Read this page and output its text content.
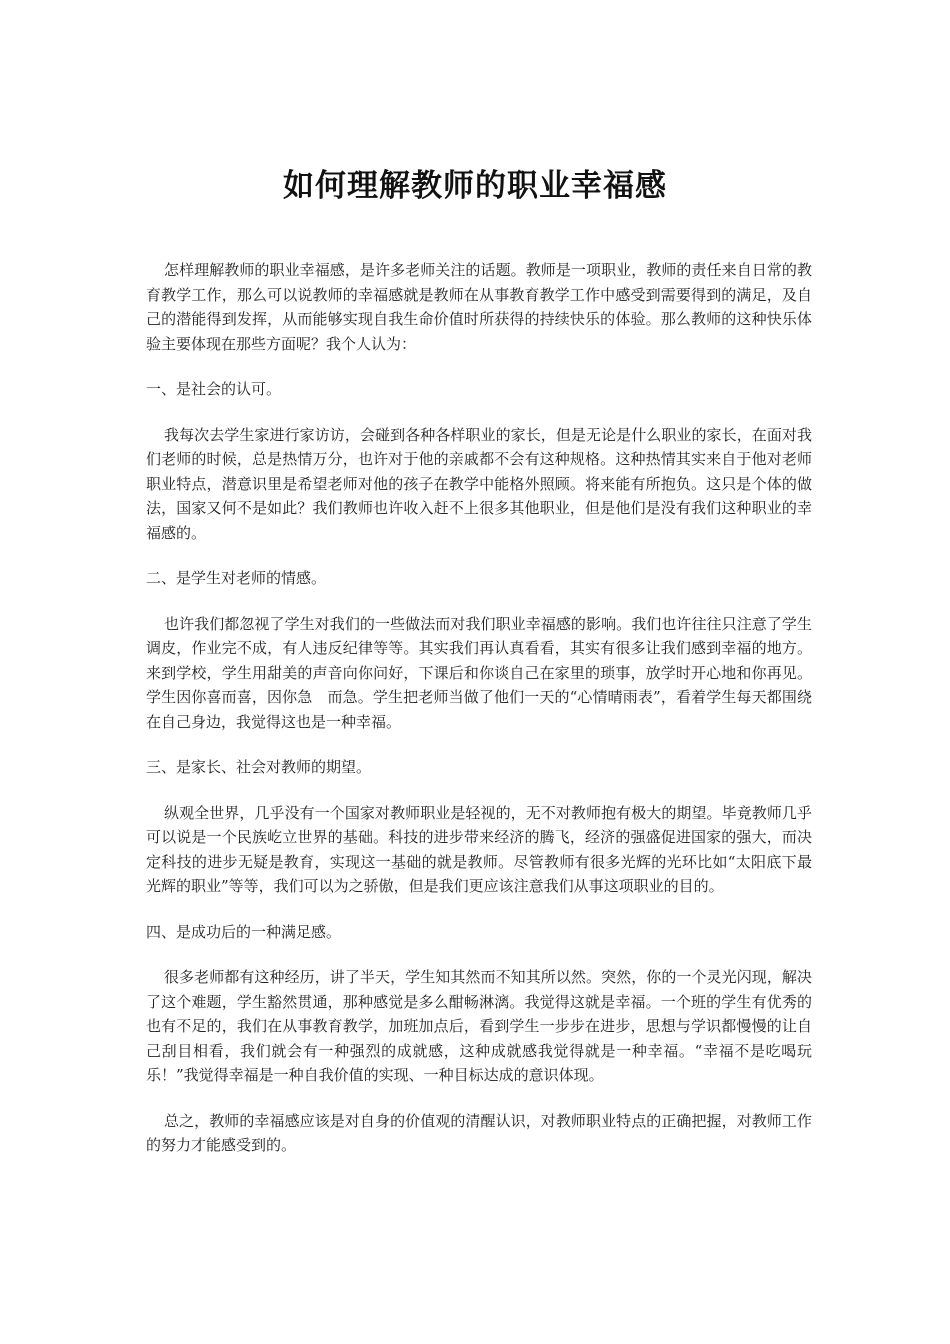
如何理解教师的职业幸福感

怎样理解教师的职业幸福感，是许多老师关注的话题。教师是一项职业，教师的责任来自日常的教育教学工作，那么可以说教师的幸福感就是教师在从事教育教学工作中感受到需要得到的满足，及自己的潜能得到发挥，从而能够实现自我生命价值时所获得的持续快乐的体验。那么教师的这种快乐体验主要体现在那些方面呢？我个人认为：

一、是社会的认可。

我每次去学生家进行家访访，会碰到各种各样职业的家长，但是无论是什么职业的家长，在面对我们老师的时候，总是热情万分，也许对于他的亲戚都不会有这种规格。这种热情其实来自于他对老师职业特点，潜意识里是希望老师对他的孩子在教学中能格外照顾。将来能有所抱负。这只是个体的做法，国家又何不是如此？我们教师也许收入赶不上很多其他职业，但是他们是没有我们这种职业的幸福感的。

二、是学生对老师的情感。

也许我们都忽视了学生对我们的一些做法而对我们职业幸福感的影响。我们也许往往只注意了学生调皮，作业完不成，有人违反纪律等等。其实我们再认真看看，其实有很多让我们感到幸福的地方。来到学校，学生用甜美的声音向你问好，下课后和你谈自己在家里的琐事，放学时开心地和你再见。学生因你喜而喜，因你急　而急。学生把老师当做了他们一天的“心情晴雨表”，看着学生每天都围绕在自己身边，我觉得这也是一种幸福。

三、是家长、社会对教师的期望。

纵观全世界，几乎没有一个国家对教师职业是轻视的，无不对教师抱有极大的期望。毕竟教师几乎可以说是一个民族屹立世界的基础。科技的进步带来经济的腾飞，经济的强盛促进国家的强大，而决定科技的进步无疑是教育，实现这一基础的就是教师。尽管教师有很多光辉的光环比如“太阳底下最光辉的职业”等等，我们可以为之骄傲，但是我们更应该注意我们从事这项职业的目的。

四、是成功后的一种满足感。

很多老师都有这种经历，讲了半天，学生知其然而不知其所以然。突然，你的一个灵光闪现，解决了这个难题，学生豁然贯通，那种感觉是多么酣畅淋漓。我觉得这就是幸福。一个班的学生有优秀的也有不足的，我们在从事教育教学，加班加点后，看到学生一步步在进步，思想与学识都慢慢的让自己刮目相看，我们就会有一种强烈的成就感，这种成就感我觉得就是一种幸福。“幸福不是吃喝玩乐！”我觉得幸福是一种自我价值的实现、一种目标达成的意识体现。

总之，教师的幸福感应该是对自身的价值观的清醒认识，对教师职业特点的正确把握，对教师工作的努力才能感受到的。
